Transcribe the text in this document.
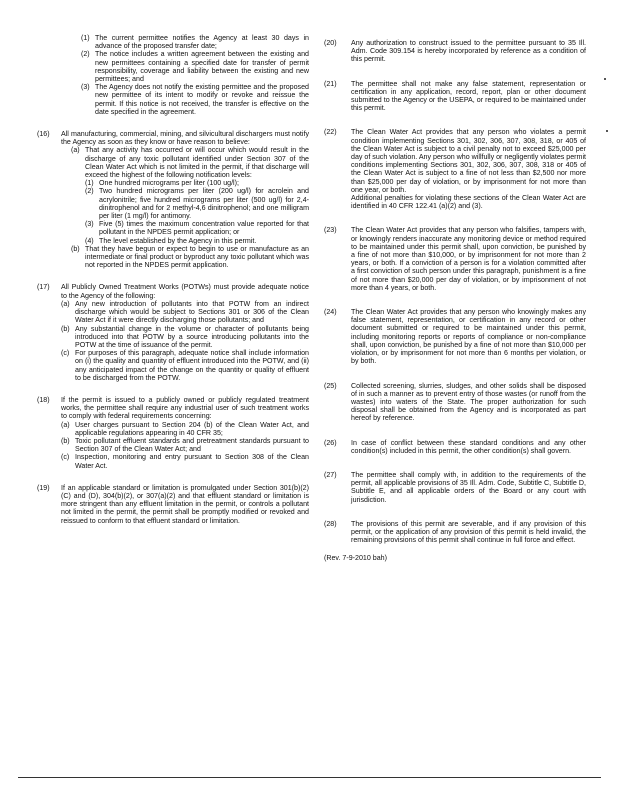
(1) The current permittee notifies the Agency at least 30 days in advance of the proposed transfer date;
(2) The notice includes a written agreement between the existing and new permittees containing a specified date for transfer of permit responsibility, coverage and liability between the existing and new permittees; and
(3) The Agency does not notify the existing permittee and the proposed new permittee of its intent to modify or revoke and reissue the permit. If this notice is not received, the transfer is effective on the date specified in the agreement.
(16) All manufacturing, commercial, mining, and silvicultural dischargers must notify the Agency as soon as they know or have reason to believe:
(a) That any activity has occurred or will occur which would result in the discharge of any toxic pollutant identified under Section 307 of the Clean Water Act which is not limited in the permit, if that discharge will exceed the highest of the following notification levels:
(1) One hundred micrograms per liter (100 ug/l);
(2) Two hundred micrograms per liter (200 ug/l) for acrolein and acrylonitrile; five hundred micrograms per liter (500 ug/l) for 2,4-dinitrophenol and for 2 methyl-4,6 dinitrophenol; and one milligram per liter (1 mg/l) for antimony.
(3) Five (5) times the maximum concentration value reported for that pollutant in the NPDES permit application; or
(4) The level established by the Agency in this permit.
(b) That they have begun or expect to begin to use or manufacture as an intermediate or final product or byproduct any toxic pollutant which was not reported in the NPDES permit application.
(17) All Publicly Owned Treatment Works (POTWs) must provide adequate notice to the Agency of the following:
(a) Any new introduction of pollutants into that POTW from an indirect discharge which would be subject to Sections 301 or 306 of the Clean Water Act if it were directly discharging those pollutants; and
(b) Any substantial change in the volume or character of pollutants being introduced into that POTW by a source introducing pollutants into the POTW at the time of issuance of the permit.
(c) For purposes of this paragraph, adequate notice shall include information on (i) the quality and quantity of effluent introduced into the POTW, and (ii) any anticipated impact of the change on the quantity or quality of effluent to be discharged from the POTW.
(18) If the permit is issued to a publicly owned or publicly regulated treatment works, the permittee shall require any industrial user of such treatment works to comply with federal requirements concerning:
(a) User charges pursuant to Section 204 (b) of the Clean Water Act, and applicable regulations appearing in 40 CFR 35;
(b) Toxic pollutant effluent standards and pretreatment standards pursuant to Section 307 of the Clean Water Act; and
(c) Inspection, monitoring and entry pursuant to Section 308 of the Clean Water Act.
(19) If an applicable standard or limitation is promulgated under Section 301(b)(2)(C) and (D), 304(b)(2), or 307(a)(2) and that effluent standard or limitation is more stringent than any effluent limitation in the permit, or controls a pollutant not limited in the permit, the permit shall be promptly modified or revoked and reissued to conform to that effluent standard or limitation.
(20) Any authorization to construct issued to the permittee pursuant to 35 Ill. Adm. Code 309.154 is hereby incorporated by reference as a condition of this permit.
(21) The permittee shall not make any false statement, representation or certification in any application, record, report, plan or other document submitted to the Agency or the USEPA, or required to be maintained under this permit.
(22) The Clean Water Act provides that any person who violates a permit condition implementing Sections 301, 302, 306, 307, 308, 318, or 405 of the Clean Water Act is subject to a civil penalty not to exceed $25,000 per day of such violation. Any person who willfully or negligently violates permit conditions implementing Sections 301, 302, 306, 307, 308, 318 or 405 of the Clean Water Act is subject to a fine of not less than $2,500 nor more than $25,000 per day of violation, or by imprisonment for not more than one year, or both.
Additional penalties for violating these sections of the Clean Water Act are identified in 40 CFR 122.41 (a)(2) and (3).
(23) The Clean Water Act provides that any person who falsifies, tampers with, or knowingly renders inaccurate any monitoring device or method required to be maintained under this permit shall, upon conviction, be punished by a fine of not more than $10,000, or by imprisonment for not more than 2 years, or both. If a conviction of a person is for a violation committed after a first conviction of such person under this paragraph, punishment is a fine of not more than $20,000 per day of violation, or by imprisonment of not more than 4 years, or both.
(24) The Clean Water Act provides that any person who knowingly makes any false statement, representation, or certification in any record or other document submitted or required to be maintained under this permit, including monitoring reports or reports of compliance or non-compliance shall, upon conviction, be punished by a fine of not more than $10,000 per violation, or by imprisonment for not more than 6 months per violation, or by both.
(25) Collected screening, slurries, sludges, and other solids shall be disposed of in such a manner as to prevent entry of those wastes (or runoff from the wastes) into waters of the State. The proper authorization for such disposal shall be obtained from the Agency and is incorporated as part hereof by reference.
(26) In case of conflict between these standard conditions and any other condition(s) included in this permit, the other condition(s) shall govern.
(27) The permittee shall comply with, in addition to the requirements of the permit, all applicable provisions of 35 Ill. Adm. Code, Subtitle C, Subtitle D, Subtitle E, and all applicable orders of the Board or any court with jurisdiction.
(28) The provisions of this permit are severable, and if any provision of this permit, or the application of any provision of this permit is held invalid, the remaining provisions of this permit shall continue in full force and effect.
(Rev. 7-9-2010 bah)
